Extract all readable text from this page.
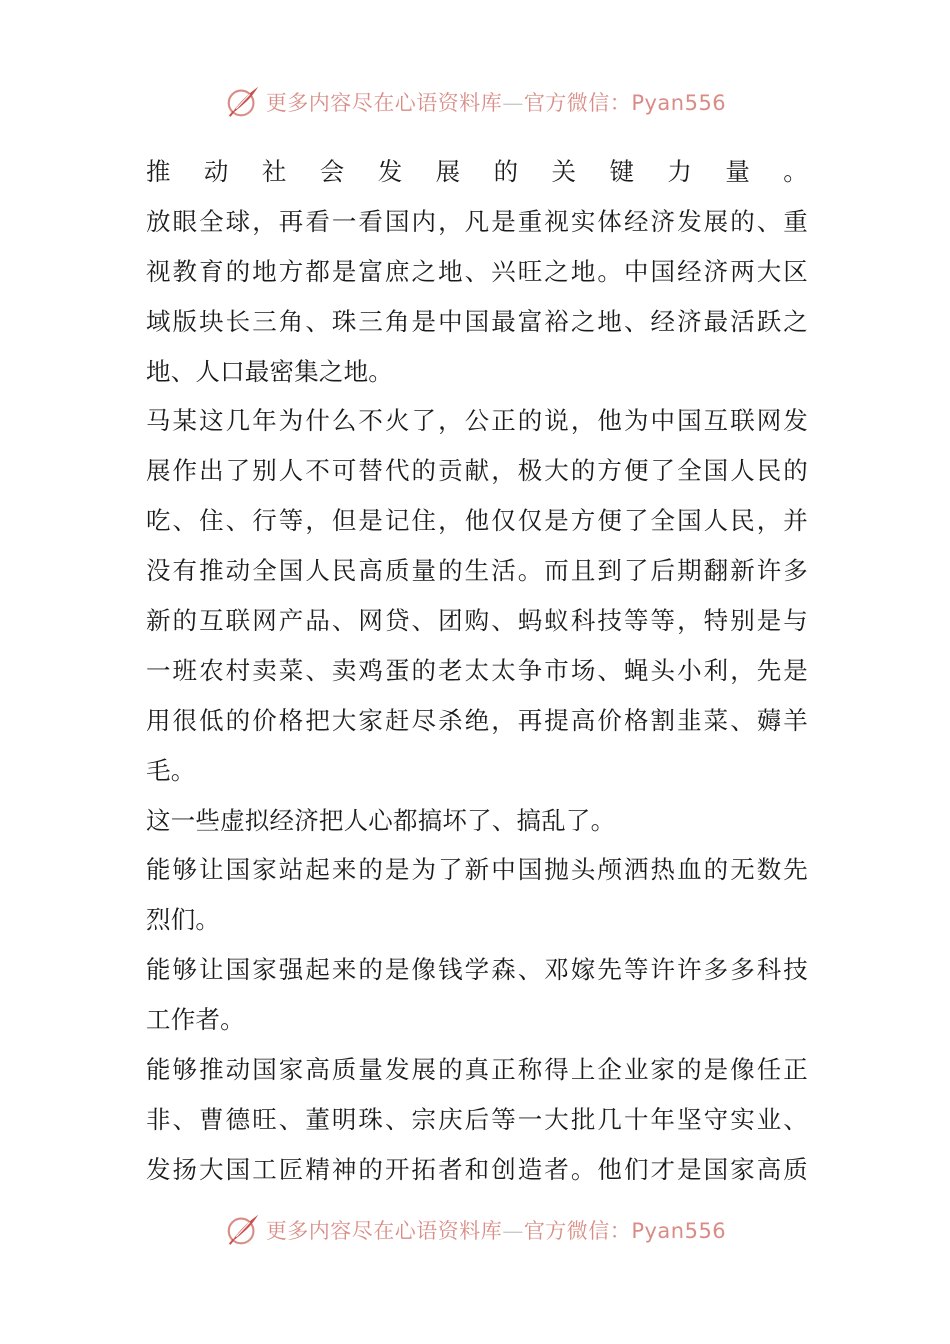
更多内容尽在心语资料库—官方微信：Pyan556
推动社会发展的关键力量。
放眼全球，再看一看国内，凡是重视实体经济发展的、重
视教育的地方都是富庶之地、兴旺之地。中国经济两大区
域版块长三角、珠三角是中国最富裕之地、经济最活跃之
地、人口最密集之地。
马某这几年为什么不火了，公正的说，他为中国互联网发
展作出了别人不可替代的贡献，极大的方便了全国人民的
吃、住、行等，但是记住，他仅仅是方便了全国人民，并
没有推动全国人民高质量的生活。而且到了后期翻新许多
新的互联网产品、网贷、团购、蚂蚁科技等等，特别是与
一班农村卖菜、卖鸡蛋的老太太争市场、蝇头小利，先是
用很低的价格把大家赶尽杀绝，再提高价格割韭菜、薅羊
毛。
这一些虚拟经济把人心都搞坏了、搞乱了。
能够让国家站起来的是为了新中国抛头颅洒热血的无数先
烈们。
能够让国家强起来的是像钱学森、邓嫁先等许许多多科技
工作者。
能够推动国家高质量发展的真正称得上企业家的是像任正
非、曹德旺、董明珠、宗庆后等一大批几十年坚守实业、
发扬大国工匠精神的开拓者和创造者。他们才是国家高质
更多内容尽在心语资料库—官方微信：Pyan556
